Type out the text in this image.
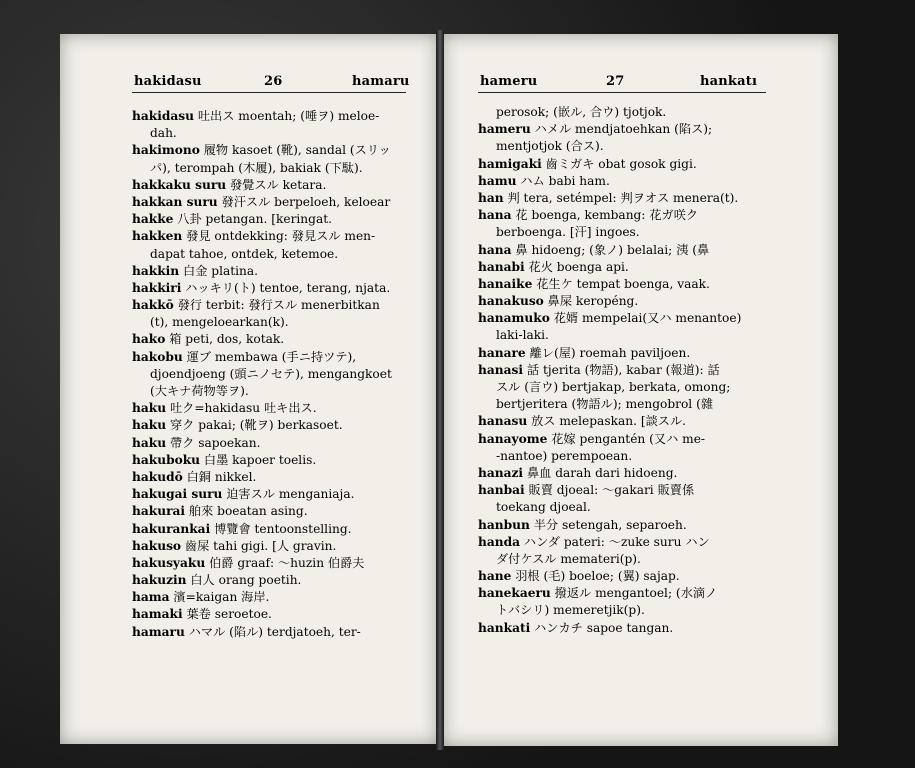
hakidasu	26	hamaru	hameru	27	hankatı
hakidasu 吐出ス moentah; (唾ヲ) meloe-
dah.
hakimono 履物 kasoet (靴), sandal (スリッ
パ), terompah (木履), bakiak (下駄).
hakkaku suru 發覺スル ketara.
hakkan suru 發汗スル berpeloeh, keloear
hakke 八卦 petangan. [keringat.
hakken 發見 ontdekking: 發見スル men-
dapat tahoe, ontdek, ketemoe.
hakkin 白金 platina.
hakkiri ハッキリ(ト) tentoe, terang, njata.
hakkō 發行 terbit: 發行スル menerbitkan
(t), mengeloearkan(k).
hako 箱 peti, dos, kotak.
hakobu 運ブ membawa (手ニ持ツテ),
djoendjoeng (頭ニノセテ), mengangkoet
(大キナ荷物等ヲ).
haku 吐ク=hakidasu 吐キ出ス.
haku 穿ク pakai; (靴ヲ) berkasoet.
haku 帶ク sapoekan.
hakuboku 白墨 kapoer toelis.
hakudō 白銅 nikkel.
hakugai suru 迫害スル menganiaja.
hakurai 舶來 boeatan asing.
hakurankai 博覽會 tentoonstelling.
hakuso 齒屎 tahi gigi. [人 gravin.
hakusyaku 伯爵 graaf: ～huzin 伯爵夫
hakuzin 白人 orang poetih.
hama 濱=kaigan 海岸.
hamaki 葉卷 seroetoe.
hamaru ハマル (陷ル) terdjatoeh, ter-
perosok; (嵌ル, 合ウ) tjotjok.
hameru ハメル mendjatoehkan (陷ス);
mentjotjok (合ス).
hamigaki 齒ミガキ obat gosok gigi.
hamu ハム babi ham.
han 判 tera, setémpel: 判ヲオス menera(t).
hana 花 boenga, kembang: 花ガ咲ク
berboenga. [汗] ingoes.
hana 鼻 hidoeng; (象ノ) belalai; 洟 (鼻
hanabi 花火 boenga api.
hanaike 花生ケ tempat boenga, vaak.
hanakuso 鼻屎 keropéng.
hanamuko 花婿 mempelai(又ハ menantoe)
laki-laki.
hanare 離レ(屋) roemah paviljoen.
hanasi 話 tjerita (物語), kabar (報道): 話
スル (言ウ) bertjakap, berkata, omong;
bertjeritera (物語ル); mengobrol (雜
hanasu 放ス melepaskan. [談スル.
hanayome 花嫁 pengantén (又ハ me-
-nantoe) perempoean.
hanazi 鼻血 darah dari hidoeng.
hanbai 販賣 djoeal: ～gakari 販賣係
toekang djoeal.
hanbun 半分 setengah, separoeh.
handa ハンダ pateri: ～zuke suru ハン
ダ付ケスル memateri(p).
hane 羽根 (毛) boeloe; (翼) sajap.
hanekaeru 撥返ル mengantoel; (水滴ノ
トバシリ) memeretjik(p).
hankati ハンカチ sapoe tangan.
